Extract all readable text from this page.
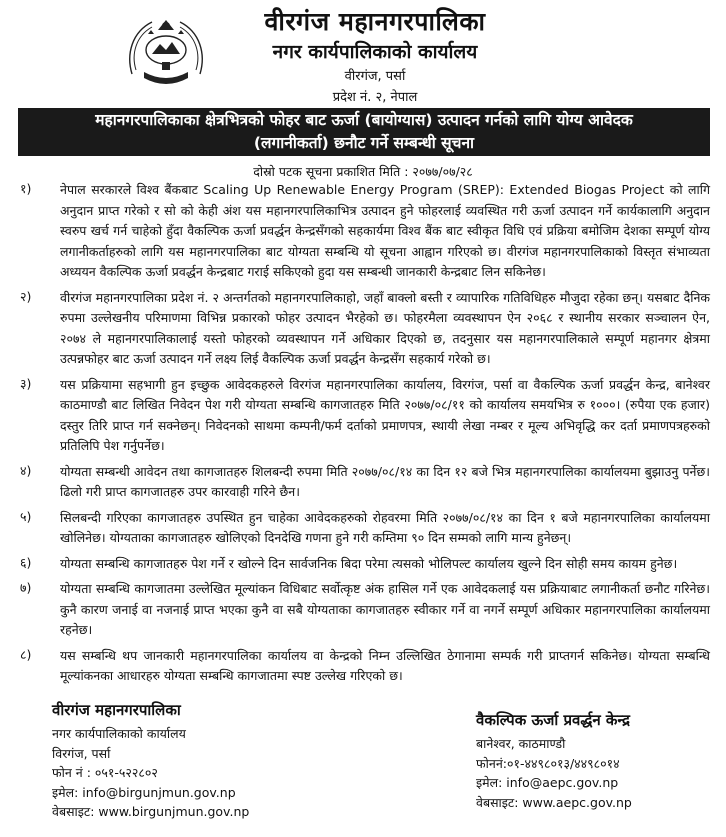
वीरगंज महानगरपालिका
नगर कार्यपालिकाको कार्यालय
वीरगंज, पर्सा
प्रदेश नं. २, नेपाल
महानगरपालिकाका क्षेत्रभित्रको फोहर बाट ऊर्जा (बायोग्यास) उत्पादन गर्नको लागि योग्य आवेदक
(लगानीकर्ता) छनौट गर्ने सम्बन्धी सूचना
दोस्रो पटक सूचना प्रकाशित मिति : २०७७/०७/२८
१) नेपाल सरकारले विश्व बैंकबाट Scaling Up Renewable Energy Program (SREP): Extended Biogas Project को लागि अनुदान प्राप्त गरेको र सो को केही अंश यस महानगरपालिकाभित्र उत्पादन हुने फोहरलाई व्यवस्थित गरी ऊर्जा उत्पादन गर्ने कार्यकालागि अनुदान स्वरुप खर्च गर्न चाहेको हुँदा वैकल्पिक ऊर्जा प्रवर्द्धन केन्द्रसँगको सहकार्यमा विश्व बैंक बाट स्वीकृत विधि एवं प्रक्रिया बमोजिम देशका सम्पूर्ण योग्य लगानीकर्ताहरुको लागि यस महानगरपालिका बाट योग्यता सम्बन्धि यो सूचना आह्वान गरिएको छ। वीरगंज महानगरपालिकाको विस्तृत संभाव्यता अध्ययन वैकल्पिक ऊर्जा प्रवर्द्धन केन्द्रबाट गराई सकिएको हुदा यस सम्बन्धी जानकारी केन्द्रबाट लिन सकिनेछ।

२) वीरगंज महानगरपालिका प्रदेश नं. २ अन्तर्गतको महानगरपालिकाहो, जहाँ बाक्लो बस्ती र व्यापारिक गतिविधिहरु मौजुदा रहेका छन्। यसबाट दैनिक रुपमा उल्लेखनीय परिमाणमा विभिन्न प्रकारको फोहर उत्पादन भैरहेको छ। फोहरमैला व्यवस्थापन ऐन २०६८ र स्थानीय सरकार सञ्चालन ऐन, २०७४ ले महानगरपालिकालाई यस्तो फोहरको व्यवस्थापन गर्ने अधिकार दिएको छ, तदनुसार यस महानगरपालिकाले सम्पूर्ण महानगर क्षेत्रमा उत्पन्नफोहर बाट ऊर्जा उत्पादन गर्ने लक्ष्य लिई वैकल्पिक ऊर्जा प्रवर्द्धन केन्द्रसँग सहकार्य गरेको छ।

३) यस प्रक्रियामा सहभागी हुन इच्छुक आवेदकहरुले विरगंज महानगरपालिका कार्यालय, विरगंज, पर्सा वा वैकल्पिक ऊर्जा प्रवर्द्धन केन्द्र, बानेश्वर काठमाण्डौ बाट लिखित निवेदन पेश गरी योग्यता सम्बन्धि कागजातहरु मिति २०७७/०८/११ को कार्यालय समयभित्र रु १०००। (रुपैया एक हजार) दस्तुर तिरि प्राप्त गर्न सक्नेछन्। निवेदनको साथमा कम्पनी/फर्म दर्ताको प्रमाणपत्र, स्थायी लेखा नम्बर र मूल्य अभिवृद्धि कर दर्ता प्रमाणपत्रहरुको प्रतिलिपि पेश गर्नुपर्नेछ।

४) योग्यता सम्बन्धी आवेदन तथा कागजातहरु शिलबन्दी रुपमा मिति २०७७/०८/१४ का दिन १२ बजे भित्र महानगरपालिका कार्यालयमा बुझाउनु पर्नेछ। ढिलो गरी प्राप्त कागजातहरु उपर कारवाही गरिने छैन।

५) सिलबन्दी गरिएका कागजातहरु उपस्थित हुन चाहेका आवेदकहरुको रोहवरमा मिति २०७७/०८/१४ का दिन १ बजे महानगरपालिका कार्यालयमा खोलिनेछ। योग्यताका कागजातहरु खोलिएको दिनदेखि गणना हुने गरी कम्तिमा ९० दिन सम्मको लागि मान्य हुनेछन्।

६) योग्यता सम्बन्धि कागजातहरु पेश गर्ने र खोल्ने दिन सार्वजनिक बिदा परेमा त्यसको भोलिपल्ट कार्यालय खुल्ने दिन सोही समय कायम हुनेछ।

७) योग्यता सम्बन्धि कागजातमा उल्लेखित मूल्यांकन विधिबाट सर्वोत्कृष्ट अंक हासिल गर्ने एक आवेदकलाई यस प्रक्रियाबाट लगानीकर्ता छनौट गरिनेछ। कुनै कारण जनाई वा नजनाई प्राप्त भएका कुनै वा सबै योग्यताका कागजातहरु स्वीकार गर्ने वा नगर्ने सम्पूर्ण अधिकार महानगरपालिका कार्यालयमा रहनेछ।

८) यस सम्बन्धि थप जानकारी महानगरपालिका कार्यालय वा केन्द्रको निम्न उल्लिखित ठेगानामा सम्पर्क गरी प्राप्तगर्न सकिनेछ। योग्यता सम्बन्धि मूल्यांकनका आधारहरु योग्यता सम्बन्धि कागजातमा स्पष्ट उल्लेख गरिएको छ।

वीरगंज महानगरपालिका
नगर कार्यपालिकाको कार्यालय
विरगंज, पर्सा
फोन नं : ०५१-५२२८०२
इमेल: info@birgunjmun.gov.np
वेबसाइट: www.birgunjmun.gov.np
वैकल्पिक ऊर्जा प्रवर्द्धन केन्द्र
बानेश्वर, काठमाण्डौ
फोननं:०१-४४९८०१३/४४९८०१४
इमेल: info@aepc.gov.np
वेबसाइट: www.aepc.gov.np
